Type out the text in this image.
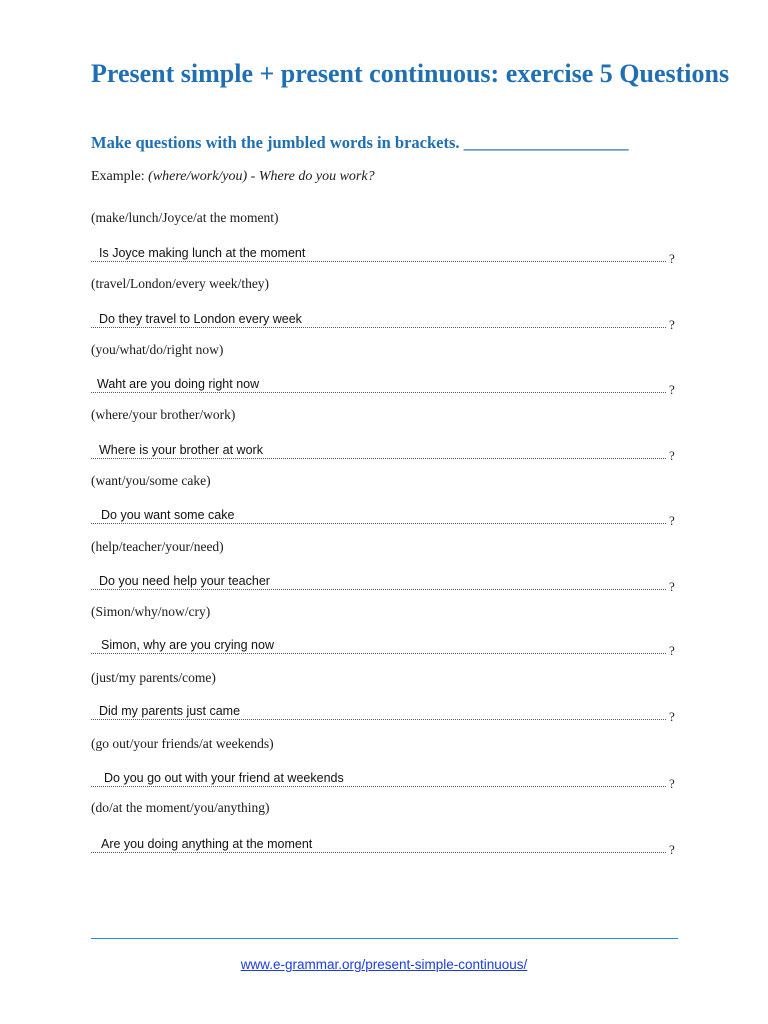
Present simple + present continuous: exercise 5 Questions
Make questions with the jumbled words in brackets. ____________________
Example: (where/work/you) - Where do you work?
(make/lunch/Joyce/at the moment)
Is Joyce making lunch at the moment	?
(travel/London/every week/they)
Do they travel to London every week	?
(you/what/do/right now)
Waht are you doing right now	?
(where/your brother/work)
Where is your brother at work	?
(want/you/some cake)
Do you want some cake	?
(help/teacher/your/need)
Do you need help your teacher	?
(Simon/why/now/cry)
Simon, why are you crying now	?
(just/my parents/come)
Did my parents just came	?
(go out/your friends/at weekends)
Do you go out with your friend at weekends	?
(do/at the moment/you/anything)
Are you doing anything at the moment	?
www.e-grammar.org/present-simple-continuous/
